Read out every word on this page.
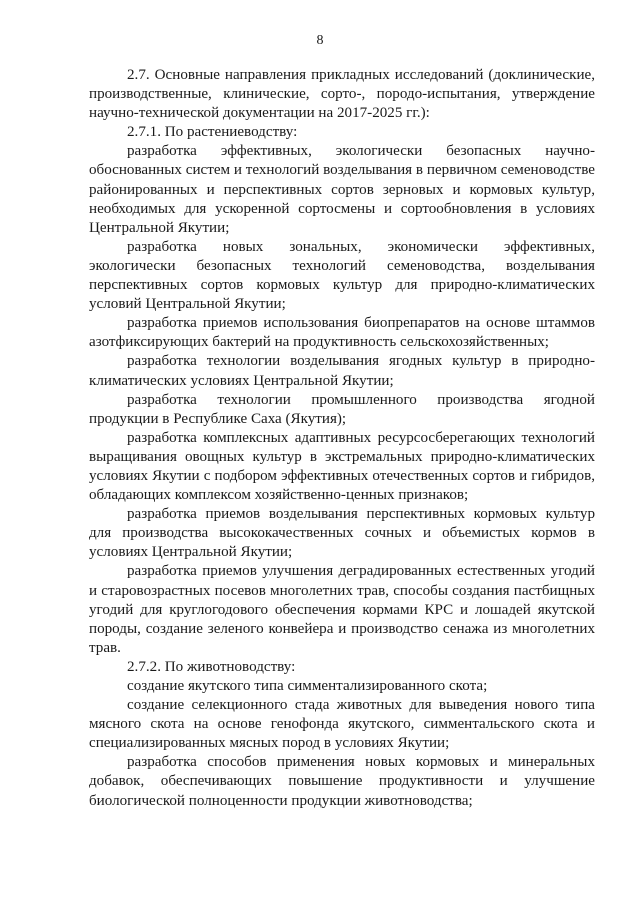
8

2.7. Основные направления прикладных исследований (доклинические, производственные, клинические, сорто-, породо-испытания, утверждение научно-технической документации на 2017-2025 гг.):

2.7.1. По растениеводству:

разработка эффективных, экологически безопасных научно-обоснованных систем и технологий возделывания в первичном семеноводстве районированных и перспективных сортов зерновых и кормовых культур, необходимых для ускоренной сортосмены и сортообновления в условиях Центральной Якутии;

разработка новых зональных, экономически эффективных, экологически безопасных технологий семеноводства, возделывания перспективных сортов кормовых культур для природно-климатических условий Центральной Якутии;

разработка приемов использования биопрепаратов на основе штаммов азотфиксирующих бактерий на продуктивность сельскохозяйственных;

разработка технологии возделывания ягодных культур в природно-климатических условиях Центральной Якутии;

разработка технологии промышленного производства ягодной продукции в Республике Саха (Якутия);

разработка комплексных адаптивных ресурсосберегающих технологий выращивания овощных культур в экстремальных природно-климатических условиях Якутии с подбором эффективных отечественных сортов и гибридов, обладающих комплексом хозяйственно-ценных признаков;

разработка приемов возделывания перспективных кормовых культур для производства высококачественных сочных и объемистых кормов в условиях Центральной Якутии;

разработка приемов улучшения деградированных естественных угодий и старовозрастных посевов многолетних трав, способы создания пастбищных угодий для круглогодового обеспечения кормами КРС и лошадей якутской породы, создание зеленого конвейера и производство сенажа из многолетних трав.

2.7.2. По животноводству:

создание якутского типа симментализированного скота;

создание селекционного стада животных для выведения нового типа мясного скота на основе генофонда якутского, симментальского скота и специализированных мясных пород в условиях Якутии;

разработка способов применения новых кормовых и минеральных добавок, обеспечивающих повышение продуктивности и улучшение биологической полноценности продукции животноводства;
